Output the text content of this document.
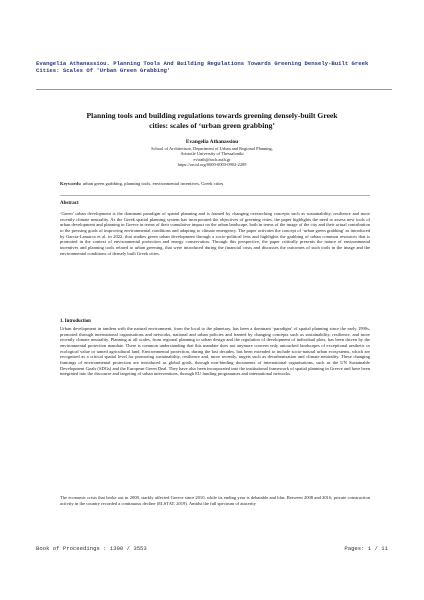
Evangelia Athanassiou. Planning Tools And Building Regulations Towards Greening Densely-Built Greek Cities: Scales Of 'Urban Green Grabbing'
Planning tools and building regulations towards greening densely-built Greek cities: scales of ‘urban green grabbing’
Evangelia Athanassiou
School of Architecture, Department of Urban and Regional Planning,
Aristotle University of Thessaloniki
evirath@arch.auth.gr
https://orcid.org/0000-0003-0902-2209
Keywords: urban green grabbing, planning tools, environmental incentives, Greek cities
Abstract
‘Green’ urban development is the dominant paradigm of spatial planning and is framed by changing overarching concepts such as sustainability, resilience and more recently climate neutrality. As the Greek spatial planning system has incorporated the objectives of greening cities, the paper highlights the need to assess new tools of urban development and planning in Greece in terms of their cumulative impact on the urban landscape, both in terms of the image of the city and their actual contribution to the pressing goals of improving environmental conditions and adapting to climate emergency. The paper activates the concept of ‘urban green grabbing’ as introduced by Garcia-Lamarca et al. in 2022, that studies green urban development through a socio-political lens and highlights the grabbing of urban common resources that is promoted in the context of environmental protection and energy conservation. Through this perspective, the paper critically presents the nature of environmental incentives and planning tools related to urban greening, that were introduced during the financial crisis and discusses the outcomes of such tools in the image and the environmental conditions of densely built Greek cities.
1. Introduction
Urban development in tandem with the natural environment, from the local to the planetary, has been a dominant ‘paradigm’ of spatial planning since the early 1990s, promoted through international organisations and networks, national and urban policies and framed by changing concepts such as sustainability, resilience, and more recently climate neutrality. Planning at all scales, from regional planning to urban design and the regulation of development of individual plots, has been driven by the environmental protection mandate. There is common understanding that this mandate does not anymore concern only untouched landscapes of exceptional aesthetic or ecological value or tamed agricultural land. Environmental protection, during the last decades, has been extended to include socio-natural urban ecosystems, which are recognised as a critical spatial level for promoting sustainability, resilience and, more recently, targets such as decarbonisation and climate neutrality. These changing framings of environmental protection are introduced as global goals, through non-binding documents of international organisations, such as the UN Sustainable Development Goals (SDGs) and the European Green Deal. They have also been incorporated into the institutional framework of spatial planning in Greece and have been integrated into the discourse and targeting of urban interventions, through EU funding programmes and international networks.
The economic crisis that broke out in 2008, starkly affected Greece since 2010, while its ending year is debatable and blur. Between 2008 and 2016, private construction activity in the country recorded a continuous decline (ELSTAT, 2019). Amidst the full spectrum of austerity
Book of Proceedings : 1300 / 3553	Pages: 1 / 11
